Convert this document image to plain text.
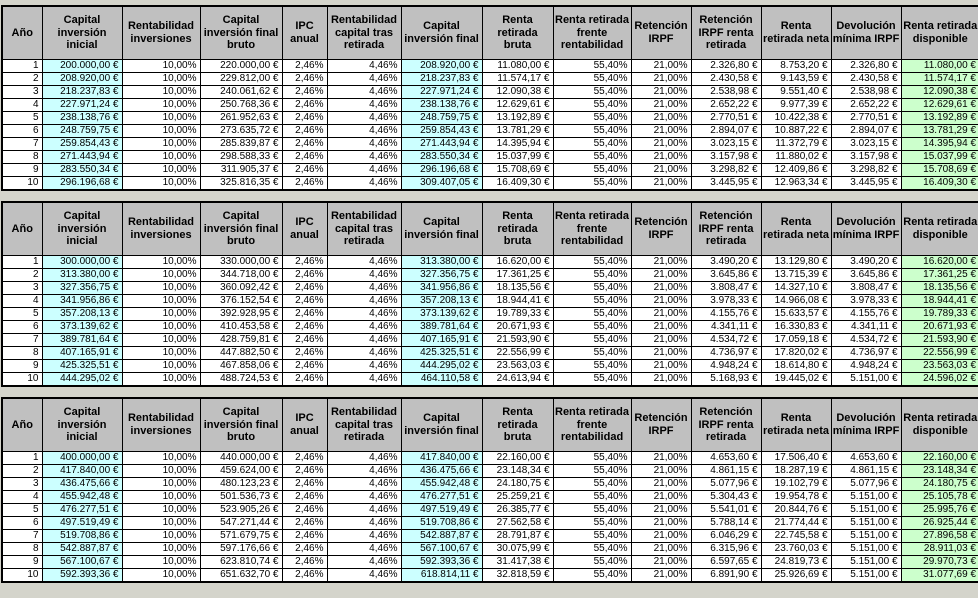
Año	Capital inversión inicial	Rentabilidad inversiones	Capital inversión final bruto	IPC anual	Rentabilidad capital tras retirada	Capital inversión final	Renta retirada bruta	Renta retirada frente rentabilidad	Retención IRPF	Retención IRPF renta retirada	Renta retirada neta	Devolución mínima IRPF	Renta retirada disponible
1	200.000,00 €	10,00%	220.000,00 €	2,46%	4,46%	208.920,00 €	11.080,00 €	55,40%	21,00%	2.326,80 €	8.753,20 €	2.326,80 €	11.080,00 €
2	208.920,00 €	10,00%	229.812,00 €	2,46%	4,46%	218.237,83 €	11.574,17 €	55,40%	21,00%	2.430,58 €	9.143,59 €	2.430,58 €	11.574,17 €
3	218.237,83 €	10,00%	240.061,62 €	2,46%	4,46%	227.971,24 €	12.090,38 €	55,40%	21,00%	2.538,98 €	9.551,40 €	2.538,98 €	12.090,38 €
4	227.971,24 €	10,00%	250.768,36 €	2,46%	4,46%	238.138,76 €	12.629,61 €	55,40%	21,00%	2.652,22 €	9.977,39 €	2.652,22 €	12.629,61 €
5	238.138,76 €	10,00%	261.952,63 €	2,46%	4,46%	248.759,75 €	13.192,89 €	55,40%	21,00%	2.770,51 €	10.422,38 €	2.770,51 €	13.192,89 €
6	248.759,75 €	10,00%	273.635,72 €	2,46%	4,46%	259.854,43 €	13.781,29 €	55,40%	21,00%	2.894,07 €	10.887,22 €	2.894,07 €	13.781,29 €
7	259.854,43 €	10,00%	285.839,87 €	2,46%	4,46%	271.443,94 €	14.395,94 €	55,40%	21,00%	3.023,15 €	11.372,79 €	3.023,15 €	14.395,94 €
8	271.443,94 €	10,00%	298.588,33 €	2,46%	4,46%	283.550,34 €	15.037,99 €	55,40%	21,00%	3.157,98 €	11.880,02 €	3.157,98 €	15.037,99 €
9	283.550,34 €	10,00%	311.905,37 €	2,46%	4,46%	296.196,68 €	15.708,69 €	55,40%	21,00%	3.298,82 €	12.409,86 €	3.298,82 €	15.708,69 €
10	296.196,68 €	10,00%	325.816,35 €	2,46%	4,46%	309.407,05 €	16.409,30 €	55,40%	21,00%	3.445,95 €	12.963,34 €	3.445,95 €	16.409,30 €
Año	Capital inversión inicial	Rentabilidad inversiones	Capital inversión final bruto	IPC anual	Rentabilidad capital tras retirada	Capital inversión final	Renta retirada bruta	Renta retirada frente rentabilidad	Retención IRPF	Retención IRPF renta retirada	Renta retirada neta	Devolución mínima IRPF	Renta retirada disponible
1	300.000,00 €	10,00%	330.000,00 €	2,46%	4,46%	313.380,00 €	16.620,00 €	55,40%	21,00%	3.490,20 €	13.129,80 €	3.490,20 €	16.620,00 €
2	313.380,00 €	10,00%	344.718,00 €	2,46%	4,46%	327.356,75 €	17.361,25 €	55,40%	21,00%	3.645,86 €	13.715,39 €	3.645,86 €	17.361,25 €
3	327.356,75 €	10,00%	360.092,42 €	2,46%	4,46%	341.956,86 €	18.135,56 €	55,40%	21,00%	3.808,47 €	14.327,10 €	3.808,47 €	18.135,56 €
4	341.956,86 €	10,00%	376.152,54 €	2,46%	4,46%	357.208,13 €	18.944,41 €	55,40%	21,00%	3.978,33 €	14.966,08 €	3.978,33 €	18.944,41 €
5	357.208,13 €	10,00%	392.928,95 €	2,46%	4,46%	373.139,62 €	19.789,33 €	55,40%	21,00%	4.155,76 €	15.633,57 €	4.155,76 €	19.789,33 €
6	373.139,62 €	10,00%	410.453,58 €	2,46%	4,46%	389.781,64 €	20.671,93 €	55,40%	21,00%	4.341,11 €	16.330,83 €	4.341,11 €	20.671,93 €
7	389.781,64 €	10,00%	428.759,81 €	2,46%	4,46%	407.165,91 €	21.593,90 €	55,40%	21,00%	4.534,72 €	17.059,18 €	4.534,72 €	21.593,90 €
8	407.165,91 €	10,00%	447.882,50 €	2,46%	4,46%	425.325,51 €	22.556,99 €	55,40%	21,00%	4.736,97 €	17.820,02 €	4.736,97 €	22.556,99 €
9	425.325,51 €	10,00%	467.858,06 €	2,46%	4,46%	444.295,02 €	23.563,03 €	55,40%	21,00%	4.948,24 €	18.614,80 €	4.948,24 €	23.563,03 €
10	444.295,02 €	10,00%	488.724,53 €	2,46%	4,46%	464.110,58 €	24.613,94 €	55,40%	21,00%	5.168,93 €	19.445,02 €	5.151,00 €	24.596,02 €
Año	Capital inversión inicial	Rentabilidad inversiones	Capital inversión final bruto	IPC anual	Rentabilidad capital tras retirada	Capital inversión final	Renta retirada bruta	Renta retirada frente rentabilidad	Retención IRPF	Retención IRPF renta retirada	Renta retirada neta	Devolución mínima IRPF	Renta retirada disponible
1	400.000,00 €	10,00%	440.000,00 €	2,46%	4,46%	417.840,00 €	22.160,00 €	55,40%	21,00%	4.653,60 €	17.506,40 €	4.653,60 €	22.160,00 €
2	417.840,00 €	10,00%	459.624,00 €	2,46%	4,46%	436.475,66 €	23.148,34 €	55,40%	21,00%	4.861,15 €	18.287,19 €	4.861,15 €	23.148,34 €
3	436.475,66 €	10,00%	480.123,23 €	2,46%	4,46%	455.942,48 €	24.180,75 €	55,40%	21,00%	5.077,96 €	19.102,79 €	5.077,96 €	24.180,75 €
4	455.942,48 €	10,00%	501.536,73 €	2,46%	4,46%	476.277,51 €	25.259,21 €	55,40%	21,00%	5.304,43 €	19.954,78 €	5.151,00 €	25.105,78 €
5	476.277,51 €	10,00%	523.905,26 €	2,46%	4,46%	497.519,49 €	26.385,77 €	55,40%	21,00%	5.541,01 €	20.844,76 €	5.151,00 €	25.995,76 €
6	497.519,49 €	10,00%	547.271,44 €	2,46%	4,46%	519.708,86 €	27.562,58 €	55,40%	21,00%	5.788,14 €	21.774,44 €	5.151,00 €	26.925,44 €
7	519.708,86 €	10,00%	571.679,75 €	2,46%	4,46%	542.887,87 €	28.791,87 €	55,40%	21,00%	6.046,29 €	22.745,58 €	5.151,00 €	27.896,58 €
8	542.887,87 €	10,00%	597.176,66 €	2,46%	4,46%	567.100,67 €	30.075,99 €	55,40%	21,00%	6.315,96 €	23.760,03 €	5.151,00 €	28.911,03 €
9	567.100,67 €	10,00%	623.810,74 €	2,46%	4,46%	592.393,36 €	31.417,38 €	55,40%	21,00%	6.597,65 €	24.819,73 €	5.151,00 €	29.970,73 €
10	592.393,36 €	10,00%	651.632,70 €	2,46%	4,46%	618.814,11 €	32.818,59 €	55,40%	21,00%	6.891,90 €	25.926,69 €	5.151,00 €	31.077,69 €
